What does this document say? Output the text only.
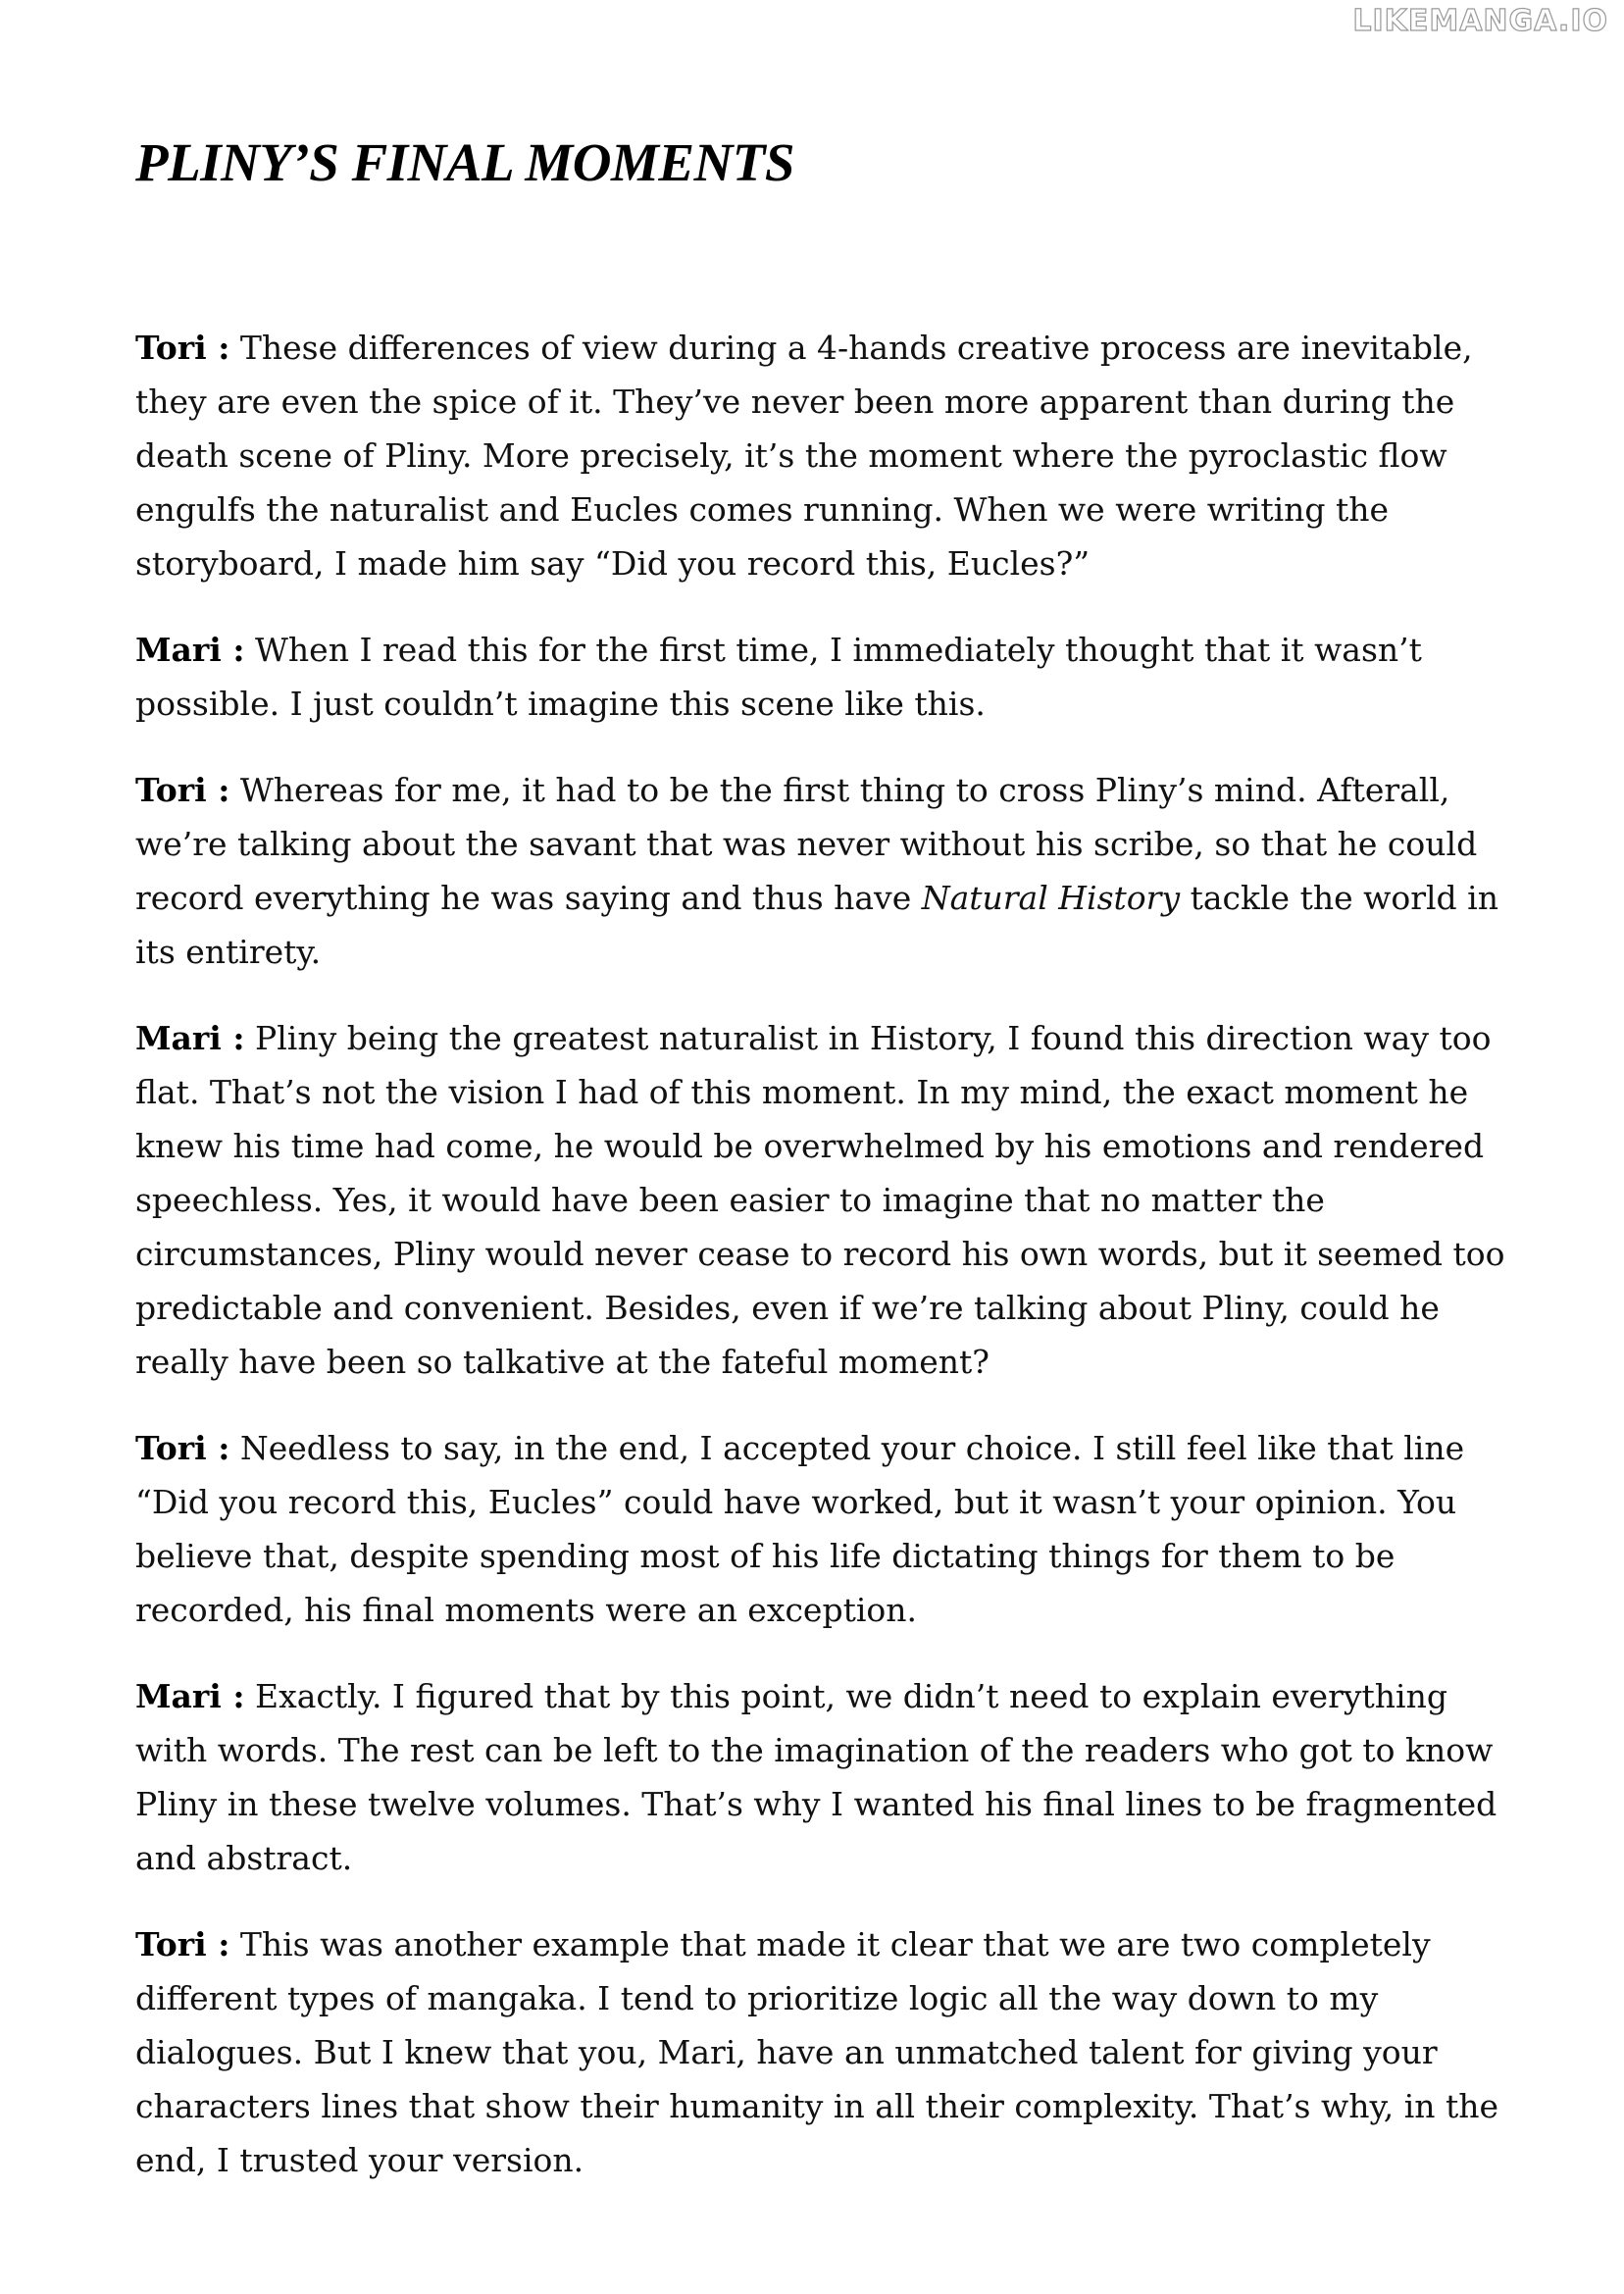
LIKEMANGA.IO
PLINY’S FINAL MOMENTS

Tori : These differences of view during a 4-hands creative process are inevitable, they are even the spice of it. They’ve never been more apparent than during the death scene of Pliny. More precisely, it’s the moment where the pyroclastic flow engulfs the naturalist and Eucles comes running. When we were writing the storyboard, I made him say “Did you record this, Eucles?”

Mari : When I read this for the first time, I immediately thought that it wasn’t possible. I just couldn’t imagine this scene like this.

Tori : Whereas for me, it had to be the first thing to cross Pliny’s mind. Afterall, we’re talking about the savant that was never without his scribe, so that he could record everything he was saying and thus have Natural History tackle the world in its entirety.

Mari : Pliny being the greatest naturalist in History, I found this direction way too flat. That’s not the vision I had of this moment. In my mind, the exact moment he knew his time had come, he would be overwhelmed by his emotions and rendered speechless. Yes, it would have been easier to imagine that no matter the circumstances, Pliny would never cease to record his own words, but it seemed too predictable and convenient. Besides, even if we’re talking about Pliny, could he really have been so talkative at the fateful moment?

Tori : Needless to say, in the end, I accepted your choice. I still feel like that line “Did you record this, Eucles” could have worked, but it wasn’t your opinion. You believe that, despite spending most of his life dictating things for them to be recorded, his final moments were an exception.

Mari : Exactly. I figured that by this point, we didn’t need to explain everything with words. The rest can be left to the imagination of the readers who got to know Pliny in these twelve volumes. That’s why I wanted his final lines to be fragmented and abstract.

Tori : This was another example that made it clear that we are two completely different types of mangaka. I tend to prioritize logic all the way down to my dialogues. But I knew that you, Mari, have an unmatched talent for giving your characters lines that show their humanity in all their complexity. That’s why, in the end, I trusted your version.
